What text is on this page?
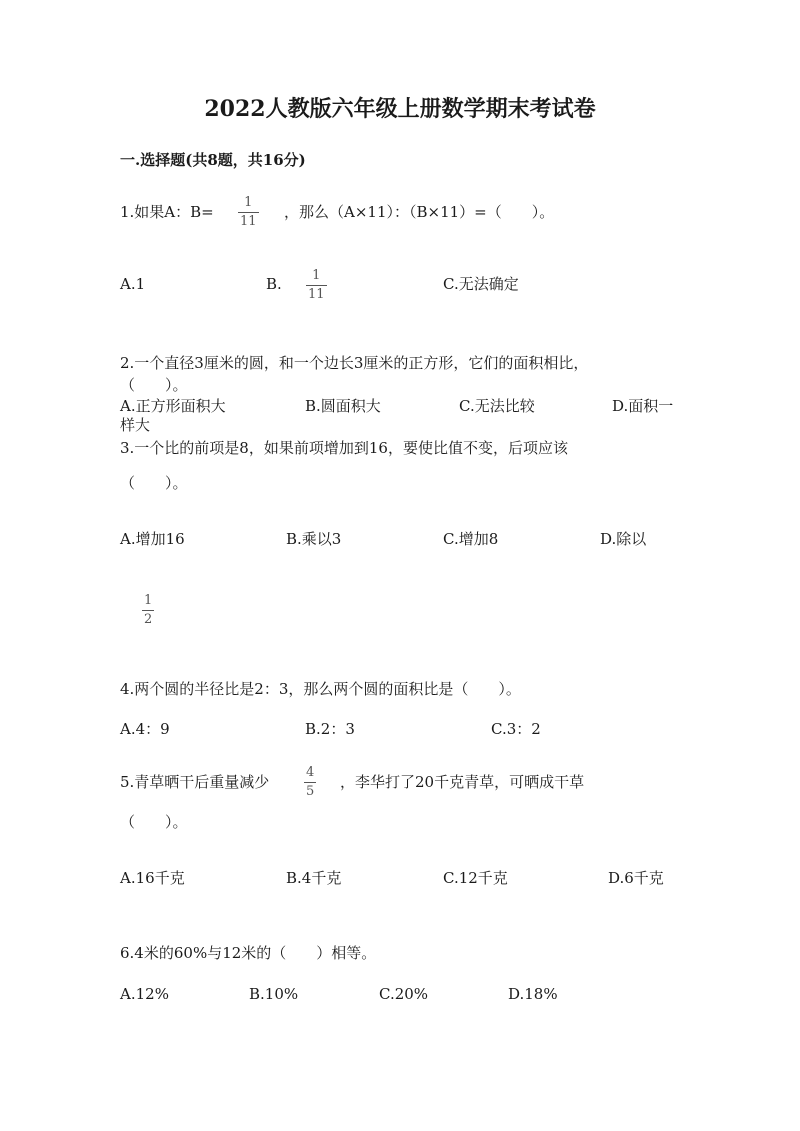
2022人教版六年级上册数学期末考试卷
一.选择题(共8题，共16分)
1.如果A：B=
1
11
，那么（A×11）：（B×11）=（　　）。
A.1	B. 1
11
C.无法确定
2.一个直径3厘米的圆，和一个边长3厘米的正方形，它们的面积相比，
（　　）。
A.正方形面积大	B.圆面积大	C.无法比较	D.面积一
样大
3.一个比的前项是8，如果前项增加到16，要使比值不变，后项应该
（　　）。
A.增加16	B.乘以3	C.增加8	D.除以
1
2
4.两个圆的半径比是2：3，那么两个圆的面积比是（　　）。
A.4：9	B.2：3	C.3：2
5.青草晒干后重量减少
4
5
，李华打了20千克青草，可晒成干草
（　　）。
A.16千克	B.4千克	C.12千克	D.6千克
6.4米的60%与12米的（　　）相等。
A.12%	B.10%	C.20%	D.18%
